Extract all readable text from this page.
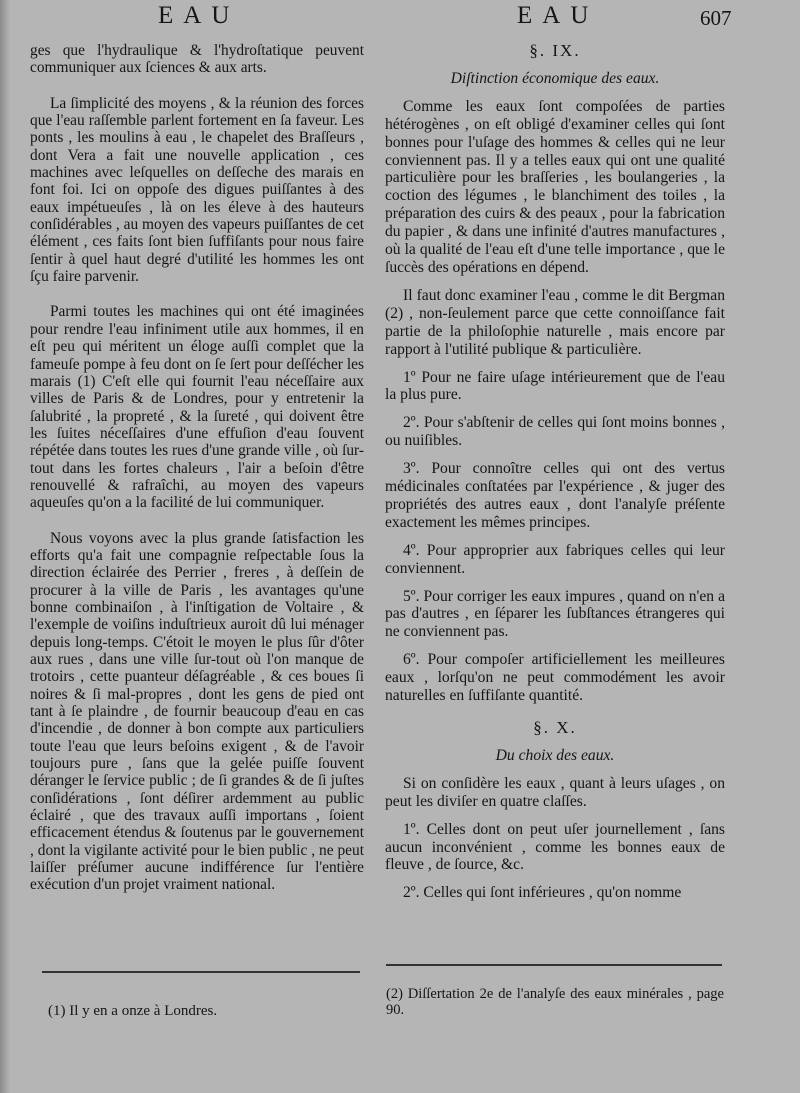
EAU	EAU	607

ges que l'hydraulique & l'hydroſtatique peuvent communiquer aux ſciences & aux arts.

La ſimplicité des moyens , & la réunion des forces que l'eau raſſemble parlent fortement en ſa faveur. Les ponts , les moulins à eau , le chapelet des Braſſeurs , dont Vera a fait une nouvelle application , ces machines avec leſquelles on deſſeche des marais en font foi. Ici on oppoſe des digues puiſſantes à des eaux impétueuſes , là on les éleve à des hauteurs conſidérables , au moyen des vapeurs puiſſantes de cet élément , ces faits ſont bien ſuffiſants pour nous faire ſentir à quel haut degré d'utilité les hommes les ont ſçu faire parvenir.

Parmi toutes les machines qui ont été imaginées pour rendre l'eau infiniment utile aux hommes, il en eſt peu qui méritent un éloge auſſi complet que la fameuſe pompe à feu dont on ſe ſert pour deſſécher les marais (1) C'eſt elle qui fournit l'eau néceſſaire aux villes de Paris & de Londres, pour y entretenir la ſalubrité , la propreté , & la ſureté , qui doivent être les ſuites néceſſaires d'une effuſion d'eau ſouvent répétée dans toutes les rues d'une grande ville , où ſur-tout dans les fortes chaleurs , l'air a beſoin d'être renouvellé & rafraîchi, au moyen des vapeurs aqueuſes qu'on a la facilité de lui communiquer.

Nous voyons avec la plus grande ſatisfaction les efforts qu'a fait une compagnie reſpectable ſous la direction éclairée des Perrier , freres , à deſſein de procurer à la ville de Paris , les avantages qu'une bonne combinaiſon , à l'inſtigation de Voltaire , & l'exemple de voiſins induſtrieux auroit dû lui ménager depuis long-temps. C'étoit le moyen le plus ſûr d'ôter aux rues , dans une ville ſur-tout où l'on manque de trotoirs , cette puanteur déſagréable , & ces boues ſi noires & ſi mal-propres , dont les gens de pied ont tant à ſe plaindre , de fournir beaucoup d'eau en cas d'incendie , de donner à bon compte aux particuliers toute l'eau que leurs beſoins exigent , & de l'avoir toujours pure , ſans que la gelée puiſſe ſouvent déranger le ſervice public ; de ſi grandes & de ſi juſtes conſidérations , ſont déſirer ardemment au public éclairé , que des travaux auſſi importans , ſoient efficacement étendus & ſoutenus par le gouvernement , dont la vigilante activité pour le bien public , ne peut laiſſer préſumer aucune indifférence ſur l'entière exécution d'un projet vraiment national.

§. IX.

Diſtinction économique des eaux.

Comme les eaux ſont compoſées de parties hétérogènes , on eſt obligé d'examiner celles qui ſont bonnes pour l'uſage des hommes & celles qui ne leur conviennent pas. Il y a telles eaux qui ont une qualité particulière pour les braſſeries , les boulangeries , la coction des légumes , le blanchiment des toiles , la préparation des cuirs & des peaux , pour la fabrication du papier , & dans une infinité d'autres manufactures , où la qualité de l'eau eſt d'une telle importance , que le ſuccès des opérations en dépend.

Il faut donc examiner l'eau , comme le dit Bergman (2) , non-ſeulement parce que cette connoiſſance fait partie de la philoſophie naturelle , mais encore par rapport à l'utilité publique & particulière.

1º Pour ne faire uſage intérieurement que de l'eau la plus pure.

2º. Pour s'abſtenir de celles qui ſont moins bonnes , ou nuiſibles.

3º. Pour connoître celles qui ont des vertus médicinales conſtatées par l'expérience , & juger des propriétés des autres eaux , dont l'analyſe préſente exactement les mêmes principes.

4º. Pour approprier aux fabriques celles qui leur conviennent.

5º. Pour corriger les eaux impures , quand on n'en a pas d'autres , en ſéparer les ſubſtances étrangeres qui ne conviennent pas.

6º. Pour compoſer artificiellement les meilleures eaux , lorſqu'on ne peut commodément les avoir naturelles en ſuffiſante quantité.

§. X.

Du choix des eaux.

Si on conſidère les eaux , quant à leurs uſages , on peut les diviſer en quatre claſſes.

1º. Celles dont on peut uſer journellement , ſans aucun inconvénient , comme les bonnes eaux de fleuve , de ſource, &c.

2º. Celles qui ſont inférieures , qu'on nomme

(1) Il y en a onze à Londres.
(2) Diſſertation 2e de l'analyſe des eaux minérales , page 90.
